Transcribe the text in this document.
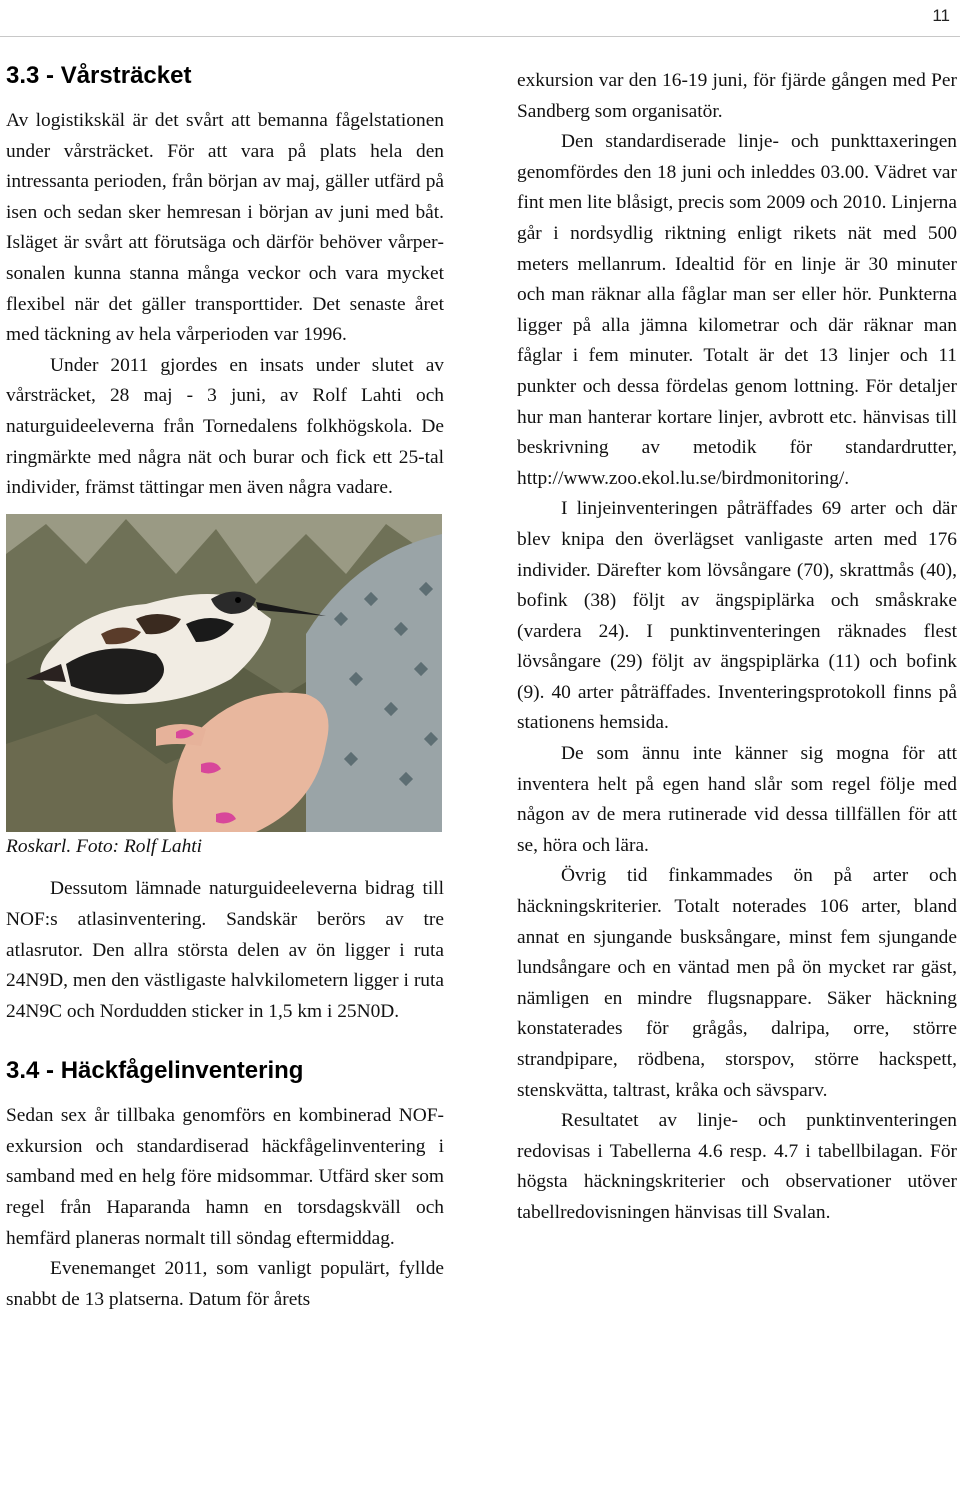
11
3.3 - Vårsträcket

Av logistikskäl är det svårt att bemanna fågelstationen under vårsträcket. För att vara på plats hela den intressanta perioden, från början av maj, gäller utfärd på isen och sedan sker hemresan i början av juni med båt. Isläget är svårt att förutsäga och därför behöver vårpersonalen kunna stanna många veckor och vara mycket flexibel när det gäller transporttider. Det senaste året med täckning av hela vårperioden var 1996.

Under 2011 gjordes en insats under slutet av vårsträcket, 28 maj - 3 juni, av Rolf Lahti och naturguideeleverna från Tornedalens folkhögskola. De ringmärkte med några nät och burar och fick ett 25-tal individer, främst tättingar men även några vadare.

Roskarl. Foto: Rolf Lahti

Dessutom lämnade naturguideeleverna bidrag till NOF:s atlasinventering. Sandskär berörs av tre atlasrutor. Den allra största delen av ön ligger i ruta 24N9D, men den västligaste halvkilometern ligger i ruta 24N9C och Nordudden sticker in 1,5 km i 25N0D.

3.4 - Häckfågelinventering

Sedan sex år tillbaka genomförs en kombinerad NOF-exkursion och standardiserad häckfågelinventering i samband med en helg före midsommar. Utfärd sker som regel från Haparanda hamn en torsdagskväll och hemfärd planeras normalt till söndag eftermiddag.

Evenemanget 2011, som vanligt populärt, fyllde snabbt de 13 platserna. Datum för årets

exkursion var den 16-19 juni, för fjärde gången med Per Sandberg som organisatör.

Den standardiserade linje- och punkttaxeringen genomfördes den 18 juni och inleddes 03.00. Vädret var fint men lite blåsigt, precis som 2009 och 2010. Linjerna går i nordsydlig riktning enligt rikets nät med 500 meters mellanrum. Idealtid för en linje är 30 minuter och man räknar alla fåglar man ser eller hör. Punkterna ligger på alla jämna kilometrar och där räknar man fåglar i fem minuter. Totalt är det 13 linjer och 11 punkter och dessa fördelas genom lottning. För detaljer hur man hanterar kortare linjer, avbrott etc. hänvisas till beskrivning av metodik för standardrutter, http://www.zoo.ekol.lu.se/birdmonitoring/.

I linjeinventeringen påträffades 69 arter och där blev knipa den överlägset vanligaste arten med 176 individer. Därefter kom lövsångare (70), skrattmås (40), bofink (38) följt av ängspiplärka och småskrake (vardera 24). I punktinventeringen räknades flest lövsångare (29) följt av ängspiplärka (11) och bofink (9). 40 arter påträffades. Inventeringsprotokoll finns på stationens hemsida.

De som ännu inte känner sig mogna för att inventera helt på egen hand slår som regel följe med någon av de mera rutinerade vid dessa tillfällen för att se, höra och lära.

Övrig tid finkammades ön på arter och häckningskriterier. Totalt noterades 106 arter, bland annat en sjungande busksångare, minst fem sjungande lundsångare och en väntad men på ön mycket rar gäst, nämligen en mindre flugsnappare. Säker häckning konstaterades för grågås, dalripa, orre, större strandpipare, rödbena, storspov, större hackspett, stenskvätta, taltrast, kråka och sävsparv.

Resultatet av linje- och punktinventeringen redovisas i Tabellerna 4.6 resp. 4.7 i tabellbilagan. För högsta häckningskriterier och observationer utöver tabellredovisningen hänvisas till Svalan.
